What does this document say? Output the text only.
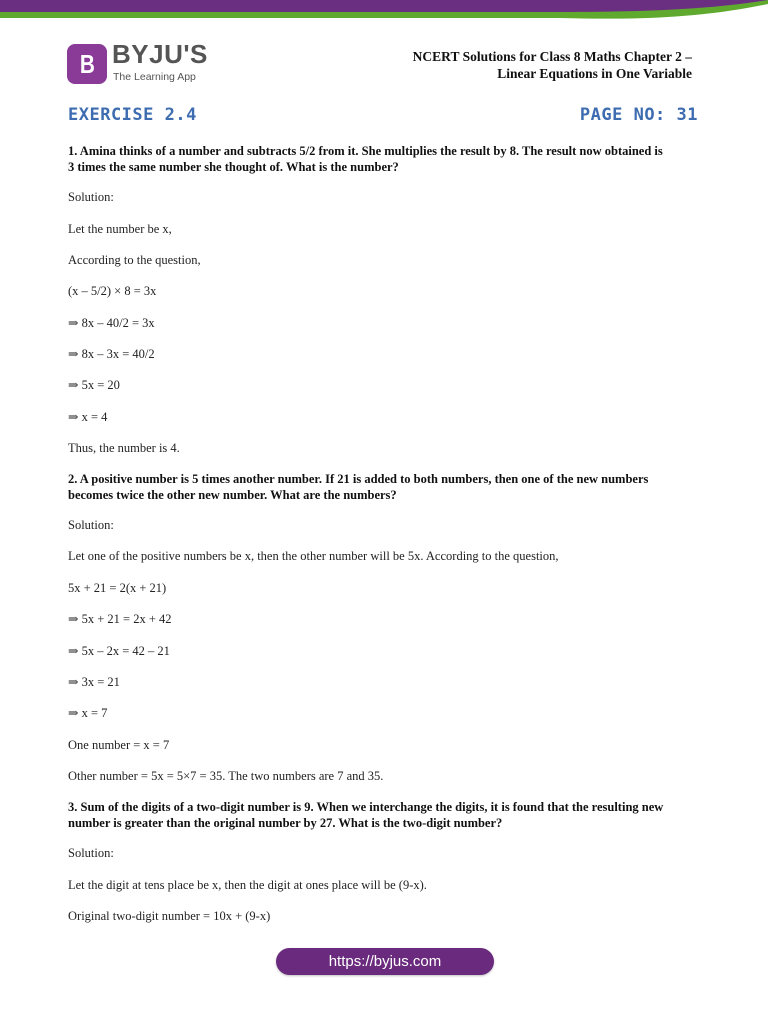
B BYJU'S
The Learning App
NCERT Solutions for Class 8 Maths Chapter 2 –
Linear Equations in One Variable
EXERCISE 2.4	PAGE NO: 31
1. Amina thinks of a number and subtracts 5/2 from it. She multiplies the result by 8. The result now obtained is
3 times the same number she thought of. What is the number?
Solution:
Let the number be x,
According to the question,
(x – 5/2) × 8 = 3x
⇒ 8x – 40/2 = 3x
⇒ 8x – 3x = 40/2
⇒ 5x = 20
⇒ x = 4
Thus, the number is 4.
2. A positive number is 5 times another number. If 21 is added to both numbers, then one of the new numbers
becomes twice the other new number. What are the numbers?
Solution:
Let one of the positive numbers be x, then the other number will be 5x. According to the question,
5x + 21 = 2(x + 21)
⇒ 5x + 21 = 2x + 42
⇒ 5x – 2x = 42 – 21
⇒ 3x = 21
⇒ x = 7
One number = x = 7
Other number = 5x = 5×7 = 35. The two numbers are 7 and 35.
3. Sum of the digits of a two-digit number is 9. When we interchange the digits, it is found that the resulting new
number is greater than the original number by 27. What is the two-digit number?
Solution:
Let the digit at tens place be x, then the digit at ones place will be (9-x).
Original two-digit number = 10x + (9-x)
https://byjus.com
